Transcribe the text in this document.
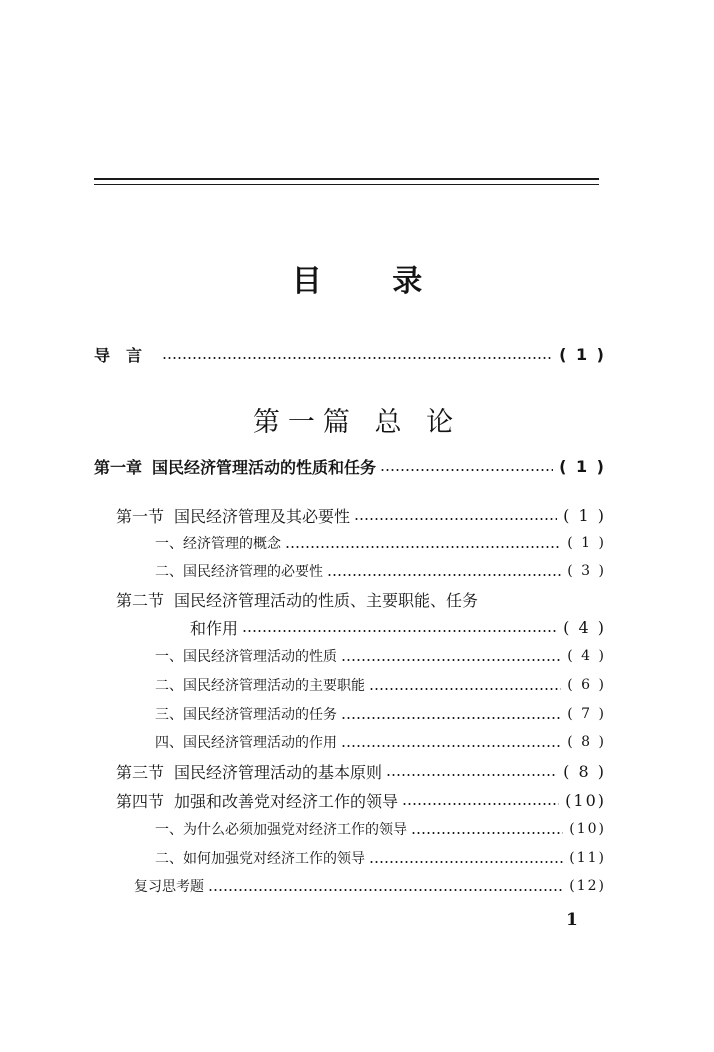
目 录
导言	( 1 )
第一篇 总 论
第一章 国民经济管理活动的性质和任务	( 1 )
第一节 国民经济管理及其必要性	( 1 )
一、经济管理的概念	( 1 )
二、国民经济管理的必要性	( 3 )
第二节 国民经济管理活动的性质、主要职能、任务
和作用	( 4 )
一、国民经济管理活动的性质	( 4 )
二、国民经济管理活动的主要职能	( 6 )
三、国民经济管理活动的任务	( 7 )
四、国民经济管理活动的作用	( 8 )
第三节 国民经济管理活动的基本原则	( 8 )
第四节 加强和改善党对经济工作的领导	(10)
一、为什么必须加强党对经济工作的领导	(10)
二、如何加强党对经济工作的领导	(11)
复习思考题	(12)
1
